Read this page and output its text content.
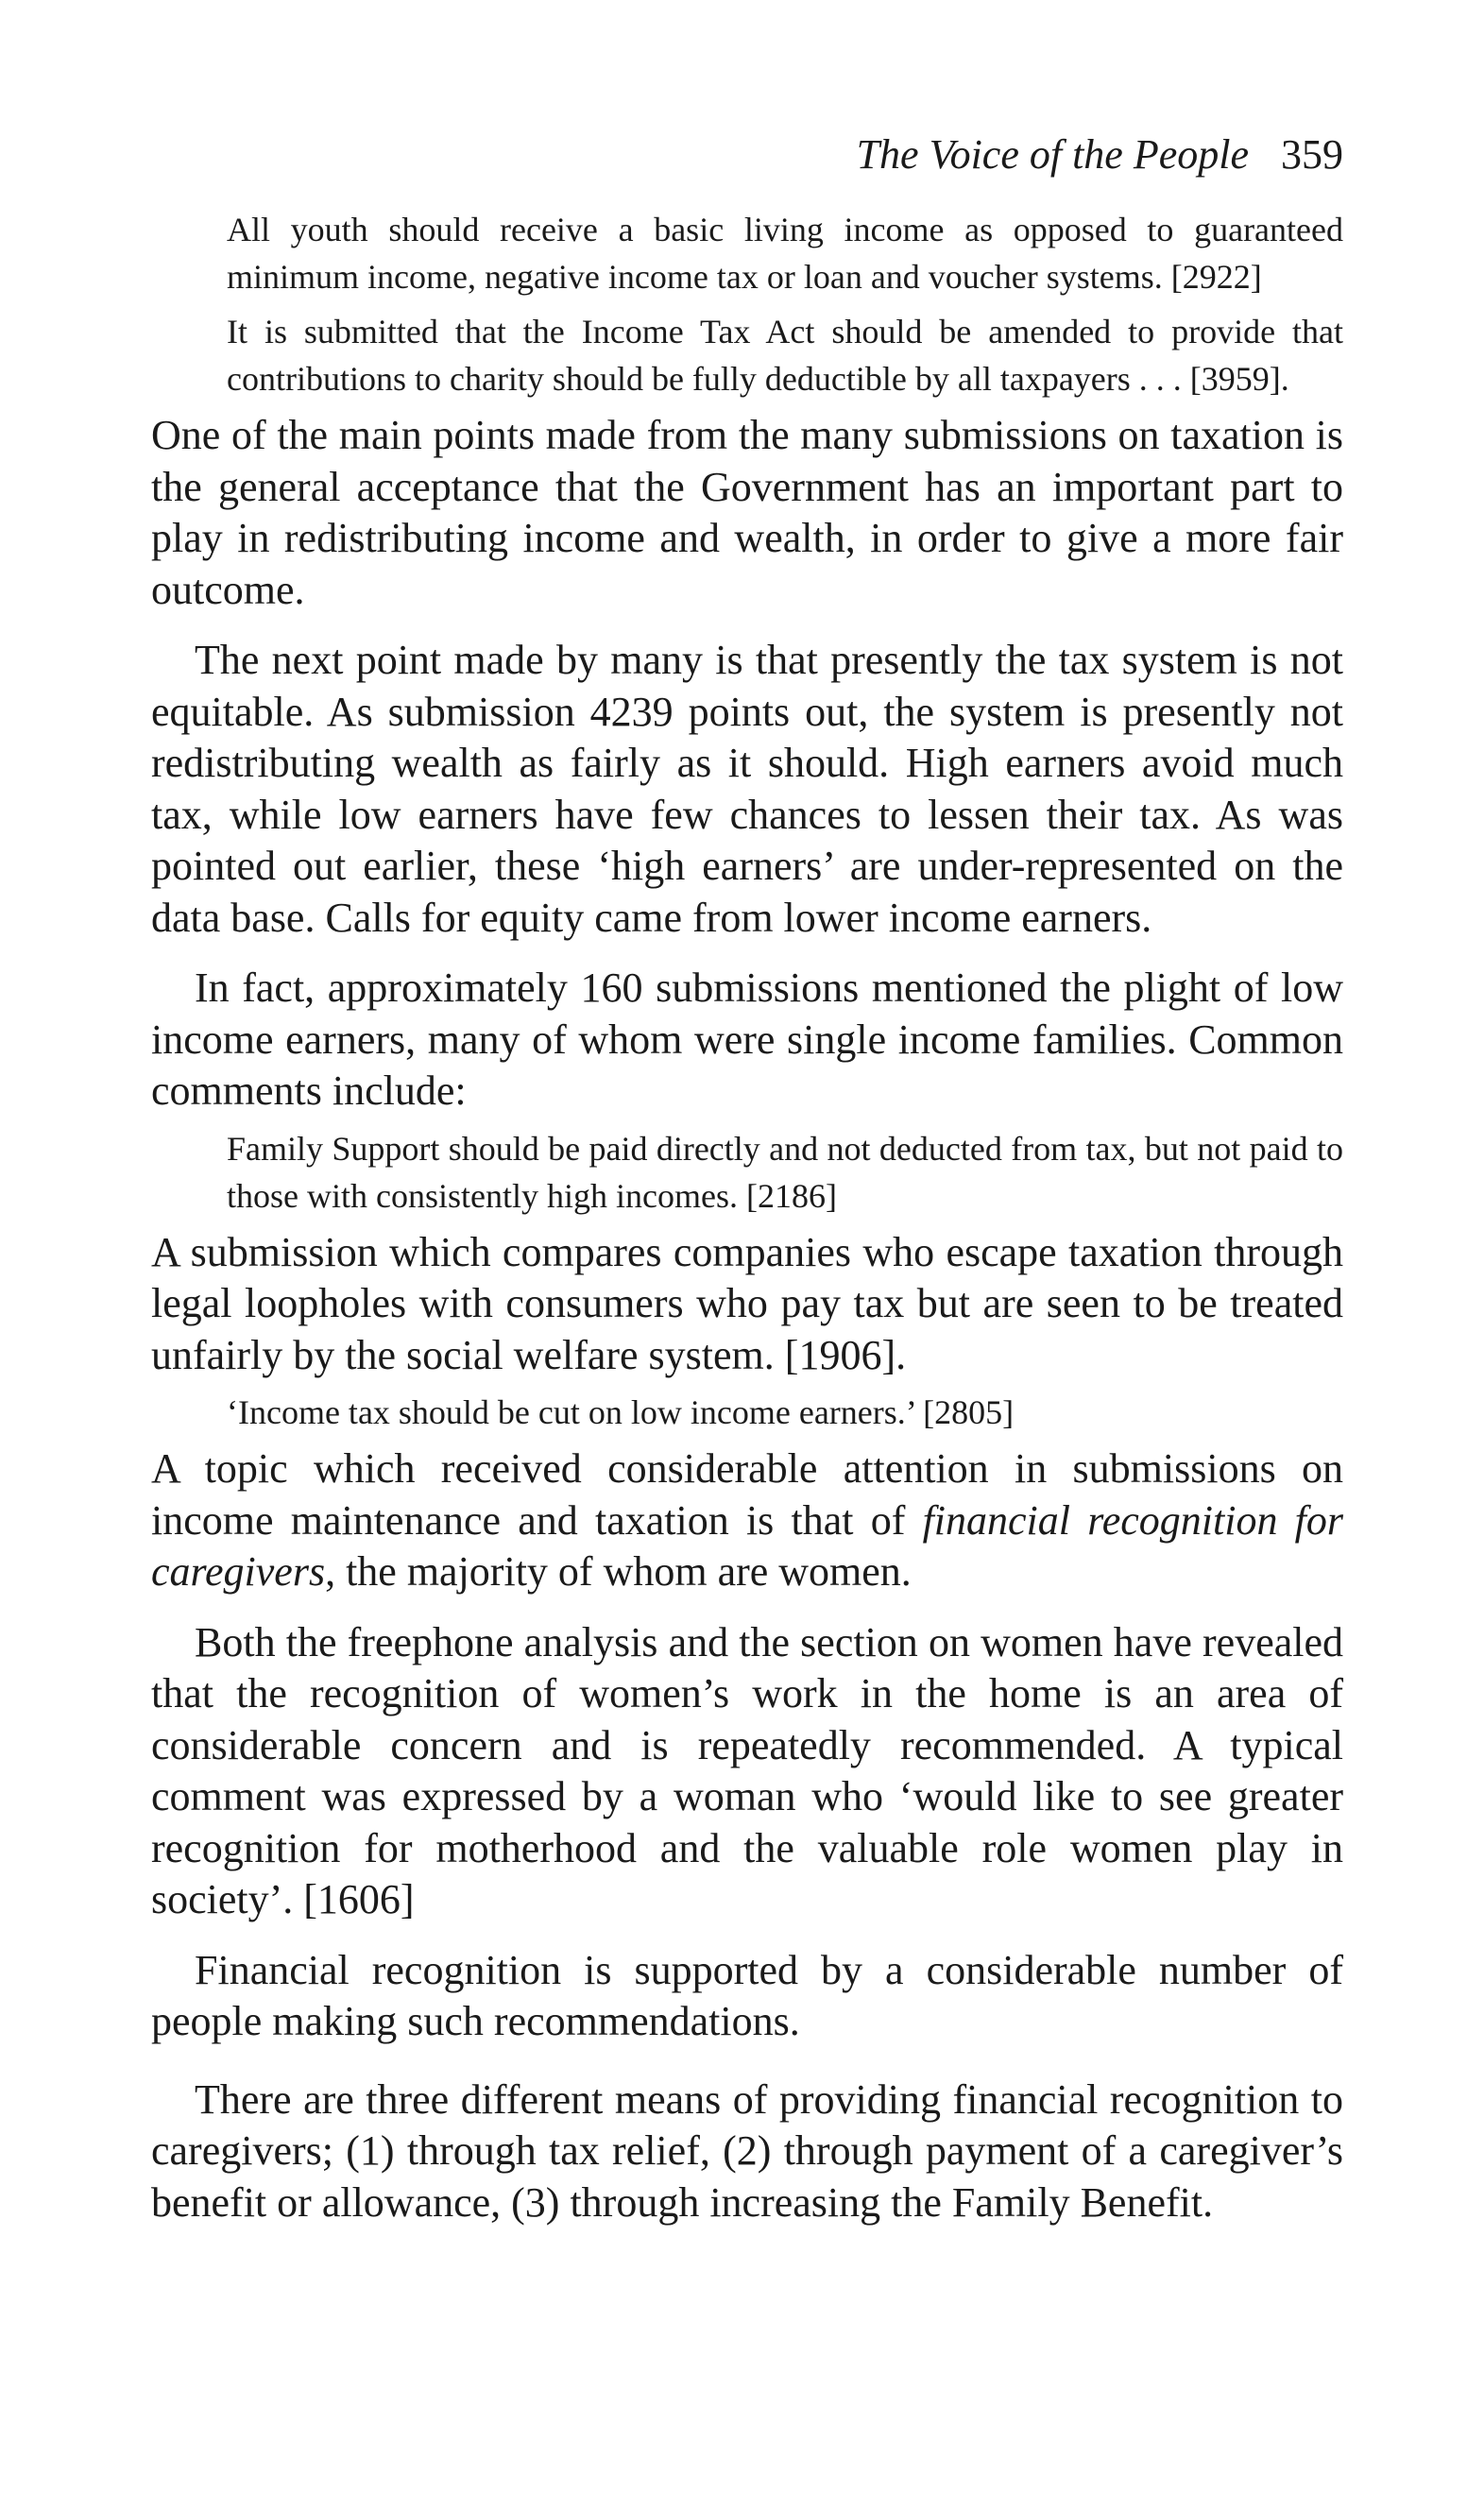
The Voice of the People 359

All youth should receive a basic living income as opposed to guaranteed minimum income, negative income tax or loan and voucher systems. [2922]

It is submitted that the Income Tax Act should be amended to provide that contributions to charity should be fully deductible by all taxpayers . . . [3959].

One of the main points made from the many submissions on taxation is the general acceptance that the Government has an important part to play in redistributing income and wealth, in order to give a more fair outcome.

The next point made by many is that presently the tax system is not equitable. As submission 4239 points out, the system is presently not redistributing wealth as fairly as it should. High earners avoid much tax, while low earners have few chances to lessen their tax. As was pointed out earlier, these ‘high earners’ are under-represented on the data base. Calls for equity came from lower income earners.

In fact, approximately 160 submissions mentioned the plight of low income earners, many of whom were single income families. Common comments include:

Family Support should be paid directly and not deducted from tax, but not paid to those with consistently high incomes. [2186]

A submission which compares companies who escape taxation through legal loopholes with consumers who pay tax but are seen to be treated unfairly by the social welfare system. [1906].

‘Income tax should be cut on low income earners.’ [2805]

A topic which received considerable attention in submissions on income maintenance and taxation is that of financial recognition for caregivers, the majority of whom are women.

Both the freephone analysis and the section on women have revealed that the recognition of women’s work in the home is an area of considerable concern and is repeatedly recommended. A typical comment was expressed by a woman who ‘would like to see greater recognition for motherhood and the valuable role women play in society’. [1606]

Financial recognition is supported by a considerable number of people making such recommendations.

There are three different means of providing financial recognition to caregivers; (1) through tax relief, (2) through payment of a caregiver’s benefit or allowance, (3) through increasing the Family Benefit.
